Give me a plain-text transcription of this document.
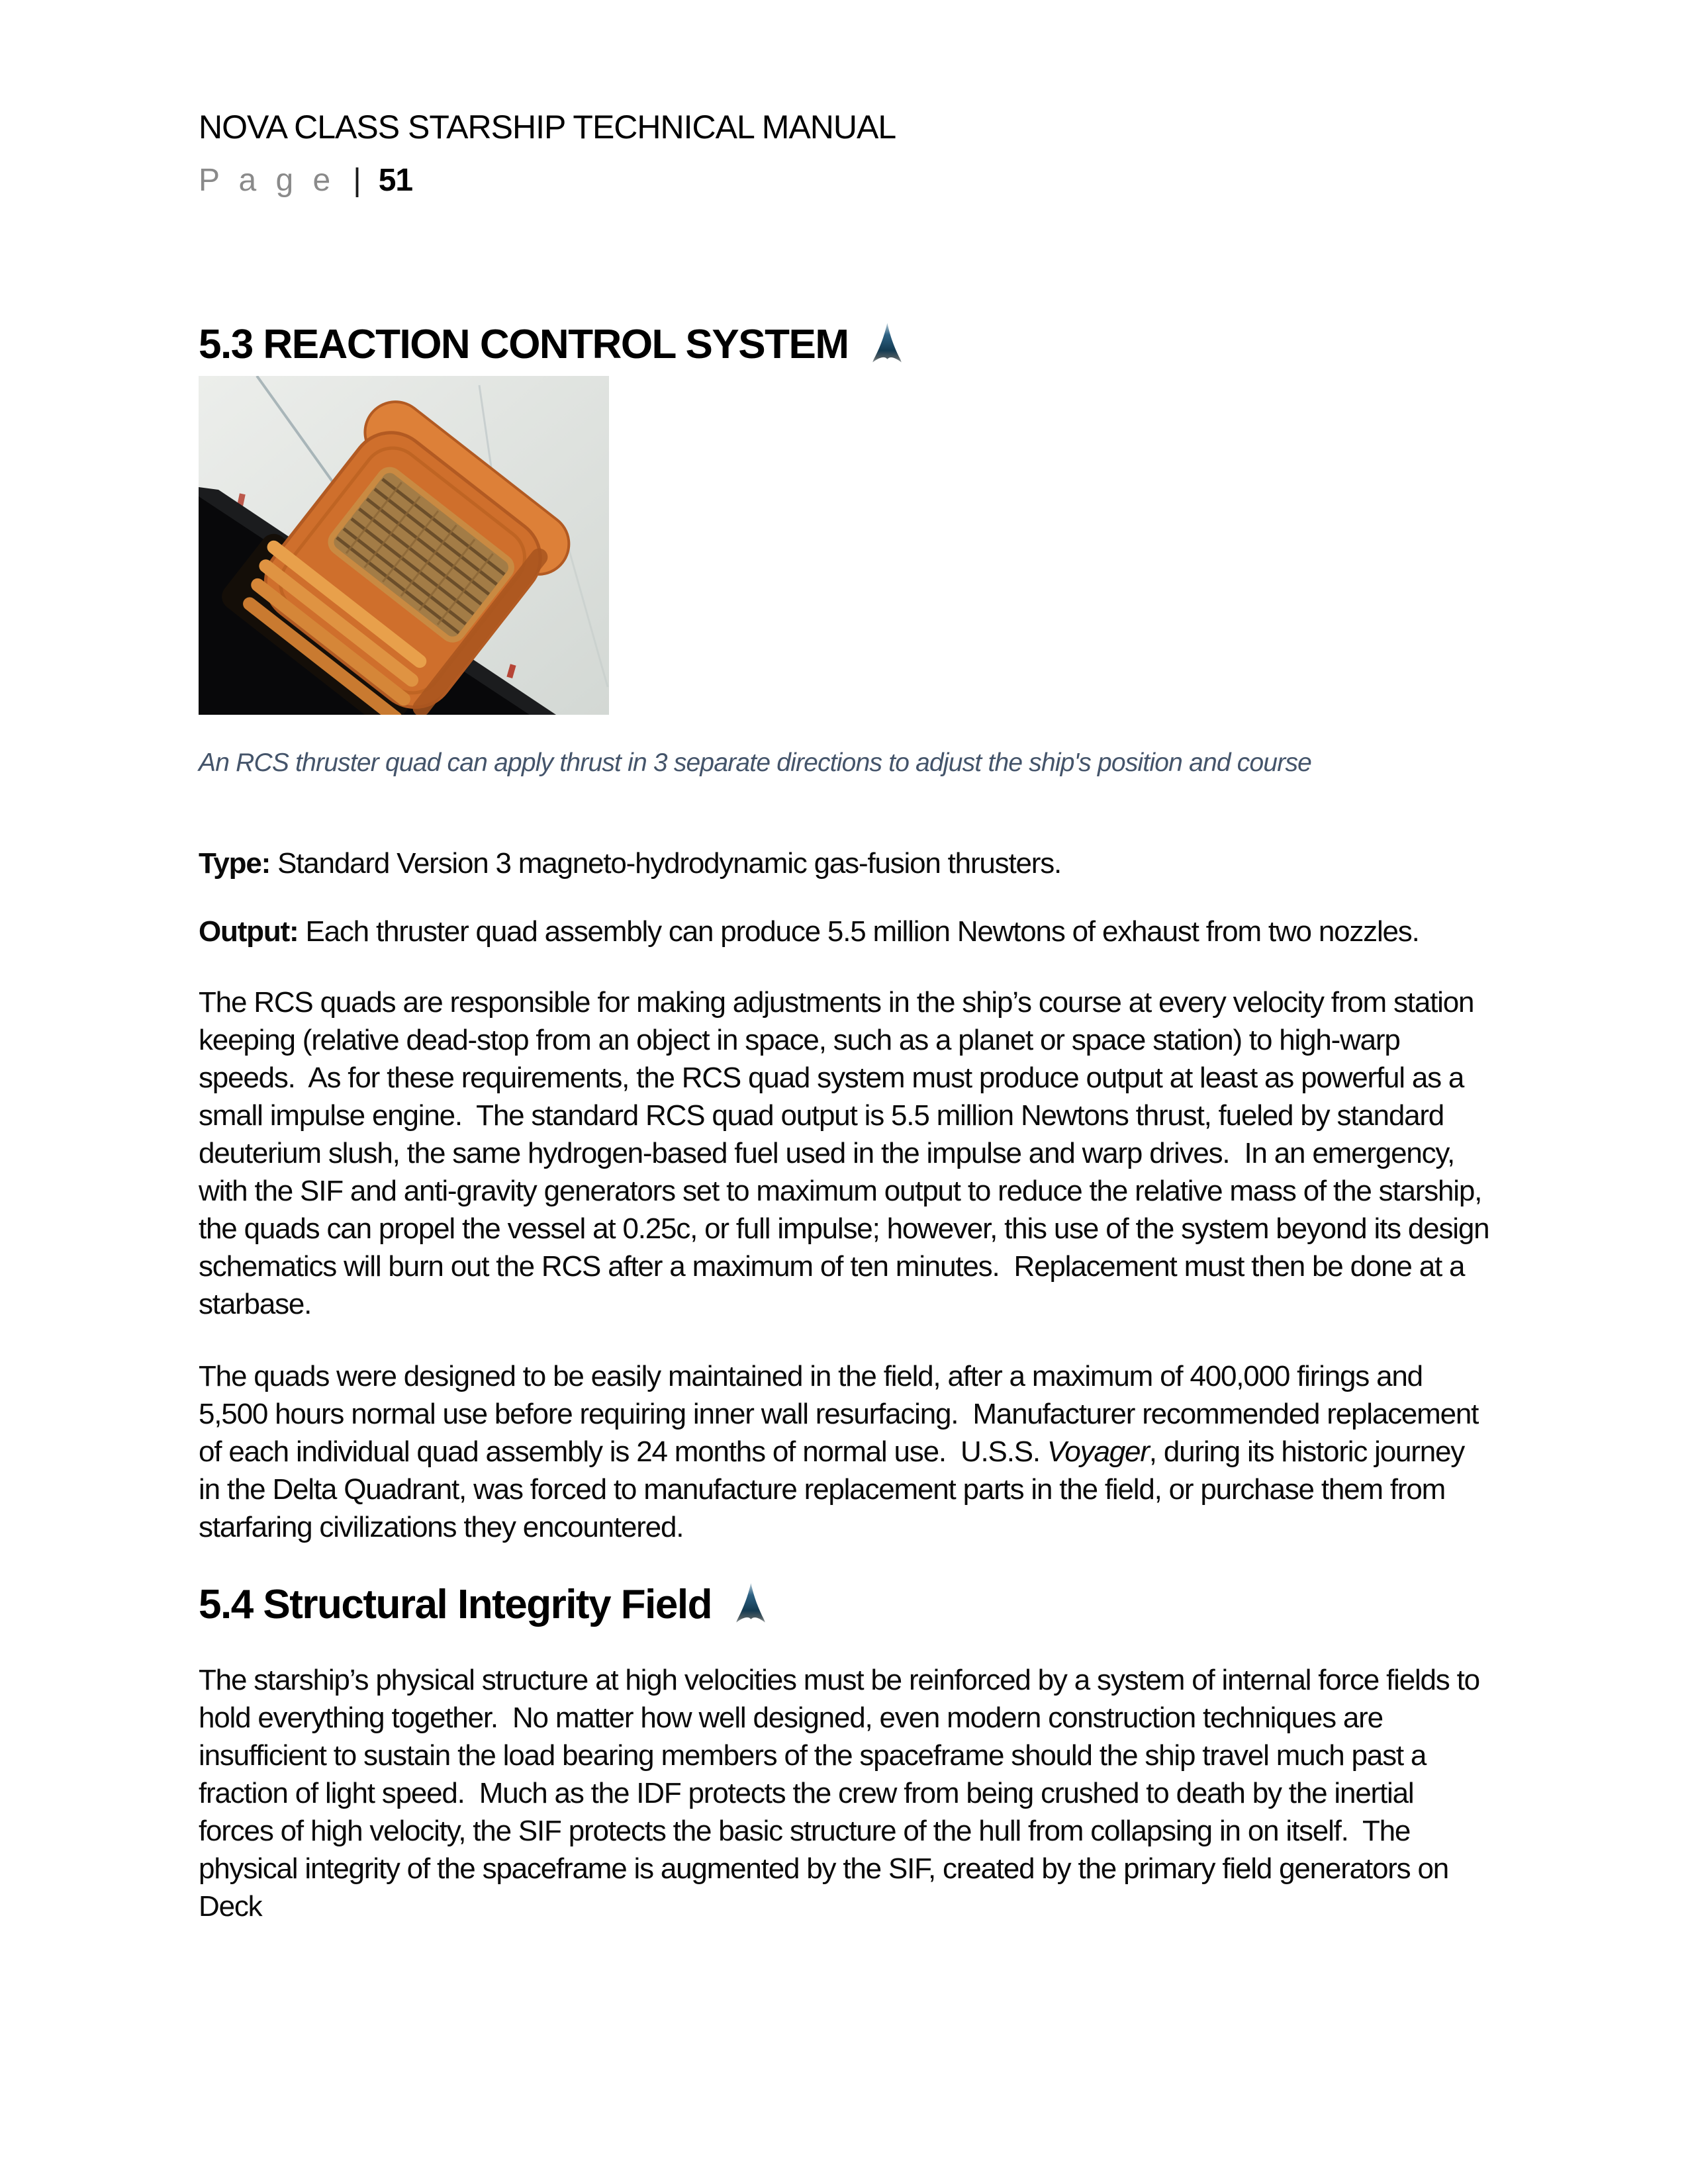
NOVA CLASS STARSHIP TECHNICAL MANUAL
P a g e | 51
5.3 REACTION CONTROL SYSTEM

An RCS thruster quad can apply thrust in 3 separate directions to adjust the ship's position and course

Type: Standard Version 3 magneto-hydrodynamic gas-fusion thrusters.

Output: Each thruster quad assembly can produce 5.5 million Newtons of exhaust from two nozzles.

The RCS quads are responsible for making adjustments in the ship’s course at every velocity from station keeping (relative dead-stop from an object in space, such as a planet or space station) to high-warp speeds.  As for these requirements, the RCS quad system must produce output at least as powerful as a small impulse engine.  The standard RCS quad output is 5.5 million Newtons thrust, fueled by standard deuterium slush, the same hydrogen-based fuel used in the impulse and warp drives.  In an emergency, with the SIF and anti-gravity generators set to maximum output to reduce the relative mass of the starship, the quads can propel the vessel at 0.25c, or full impulse; however, this use of the system beyond its design schematics will burn out the RCS after a maximum of ten minutes.  Replacement must then be done at a starbase.

The quads were designed to be easily maintained in the field, after a maximum of 400,000 firings and 5,500 hours normal use before requiring inner wall resurfacing.  Manufacturer recommended replacement of each individual quad assembly is 24 months of normal use.  U.S.S. Voyager, during its historic journey in the Delta Quadrant, was forced to manufacture replacement parts in the field, or purchase them from starfaring civilizations they encountered.

5.4 Structural Integrity Field

The starship’s physical structure at high velocities must be reinforced by a system of internal force fields to hold everything together.  No matter how well designed, even modern construction techniques are insufficient to sustain the load bearing members of the spaceframe should the ship travel much past a fraction of light speed.  Much as the IDF protects the crew from being crushed to death by the inertial forces of high velocity, the SIF protects the basic structure of the hull from collapsing in on itself.  The physical integrity of the spaceframe is augmented by the SIF, created by the primary field generators on Deck
